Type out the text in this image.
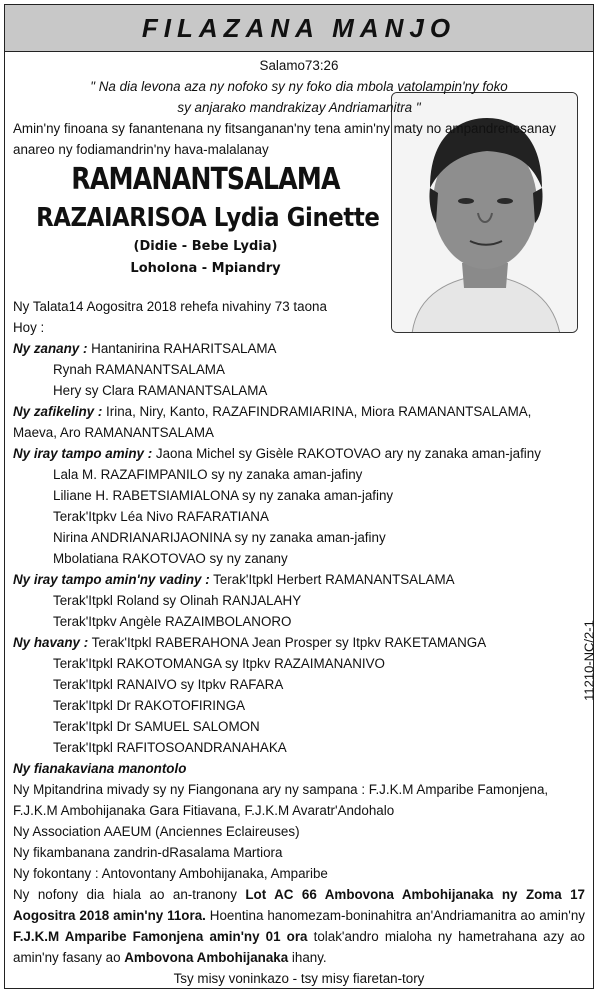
FILAZANA MANJO
11210-NC/2-1
Salamo73:26
" Na dia levona aza ny nofoko sy ny foko dia mbola vatolampin'ny foko
sy anjarako mandrakizay Andriamanitra "
Amin'ny finoana sy fanantenana ny fitsanganan'ny tena amin'ny maty no ampandrenesanay
anareo ny fodiamandrin'ny hava-malalanay
RAMANANTSALAMA
RAZAIARISOA Lydia Ginette
(Didie - Bebe Lydia)
Loholona - Mpiandry
Ny Talata14 Aogositra 2018 rehefa nivahiny 73 taona
Hoy :
Ny zanany : Hantanirina RAHARITSALAMA
Rynah RAMANANTSALAMA
Hery sy Clara RAMANANTSALAMA
Ny zafikeliny : Irina, Niry, Kanto, RAZAFINDRAMIARINA, Miora RAMANANTSALAMA,
Maeva, Aro RAMANANTSALAMA
Ny iray tampo aminy : Jaona Michel sy Gisèle RAKOTOVAO ary ny zanaka aman-jafiny
Lala M. RAZAFIMPANILO sy ny zanaka aman-jafiny
Liliane H. RABETSIAMIALONA sy ny zanaka aman-jafiny
Terak'Itpkv Léa Nivo RAFARATIANA
Nirina ANDRIANARIJAONINA sy ny zanaka aman-jafiny
Mbolatiana RAKOTOVAO sy ny zanany
Ny iray tampo amin'ny vadiny : Terak'Itpkl Herbert RAMANANTSALAMA
Terak'Itpkl Roland sy Olinah RANJALAHY
Terak'Itpkv Angèle RAZAIMBOLANORO
Ny havany : Terak'Itpkl RABERAHONA Jean Prosper sy Itpkv RAKETAMANGA
Terak'Itpkl RAKOTOMANGA sy Itpkv RAZAIMANANIVO
Terak'Itpkl RANAIVO sy Itpkv RAFARA
Terak'Itpkl Dr RAKOTOFIRINGA
Terak'Itpkl Dr SAMUEL SALOMON
Terak'Itpkl RAFITOSOANDRANAHAKA
Ny fianakaviana manontolo
Ny Mpitandrina mivady sy ny Fiangonana ary ny sampana : F.J.K.M Amparibe Famonjena,
F.J.K.M Ambohijanaka Gara Fitiavana, F.J.K.M Avaratr'Andohalo
Ny Association AAEUM (Anciennes Eclaireuses)
Ny fikambanana zandrin-dRasalama Martiora
Ny fokontany : Antovontany Ambohijanaka, Amparibe
Ny nofony dia hiala ao an-tranony Lot AC 66 Ambovona Ambohijanaka ny Zoma 17 Aogositra 2018 amin'ny 11ora. Hoentina hanomezam-boninahitra an'Andriamanitra ao amin'ny F.J.K.M Amparibe Famonjena amin'ny 01 ora tolak'andro mialoha ny hametrahana azy ao amin'ny fasany ao Ambovona Ambohijanaka ihany.
Tsy misy voninkazo - tsy misy fiaretan-tory
